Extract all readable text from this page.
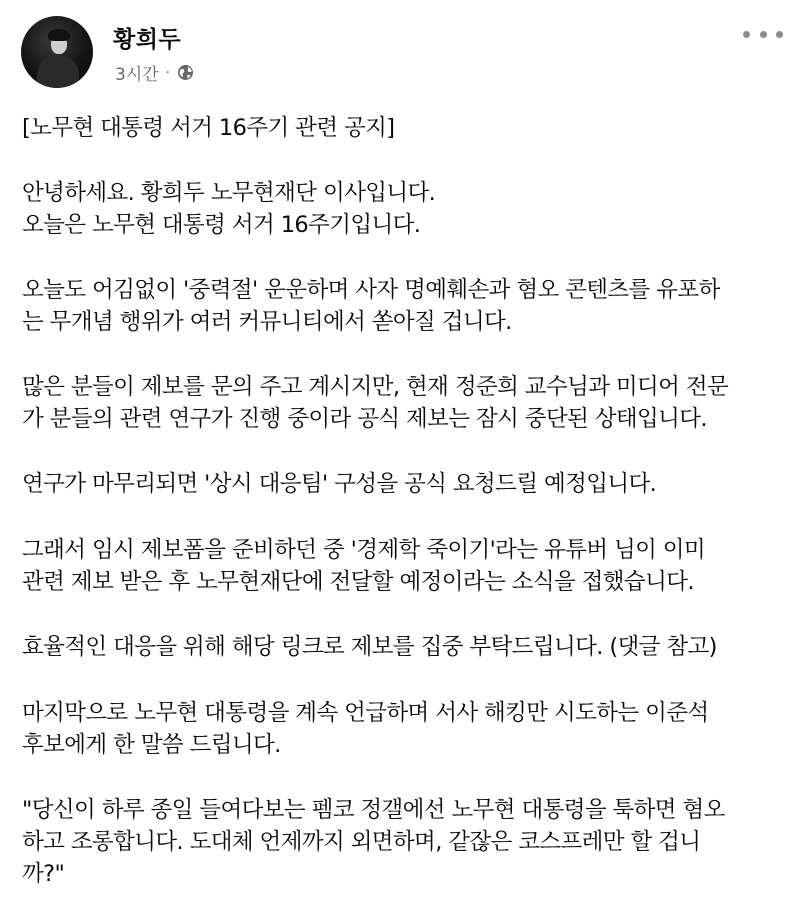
황희두
3시간 ·

[노무현 대통령 서거 16주기 관련 공지]

안녕하세요. 황희두 노무현재단 이사입니다.
오늘은 노무현 대통령 서거 16주기입니다.

오늘도 어김없이 '중력절' 운운하며 사자 명예훼손과 혐오 콘텐츠를 유포하
는 무개념 행위가 여러 커뮤니티에서 쏟아질 겁니다.

많은 분들이 제보를 문의 주고 계시지만, 현재 정준희 교수님과 미디어 전문
가 분들의 관련 연구가 진행 중이라 공식 제보는 잠시 중단된 상태입니다.

연구가 마무리되면 '상시 대응팀' 구성을 공식 요청드릴 예정입니다.

그래서 임시 제보폼을 준비하던 중 '경제학 죽이기'라는 유튜버 님이 이미
관련 제보 받은 후 노무현재단에 전달할 예정이라는 소식을 접했습니다.

효율적인 대응을 위해 해당 링크로 제보를 집중 부탁드립니다. (댓글 참고)

마지막으로 노무현 대통령을 계속 언급하며 서사 해킹만 시도하는 이준석
후보에게 한 말씀 드립니다.

"당신이 하루 종일 들여다보는 펨코 정갤에선 노무현 대통령을 툭하면 혐오
하고 조롱합니다. 도대체 언제까지 외면하며, 같잖은 코스프레만 할 겁니
까?"
